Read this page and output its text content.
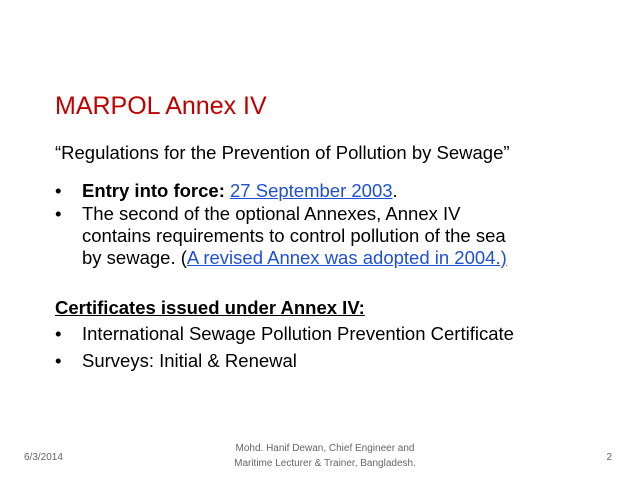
MARPOL Annex IV
“Regulations for the Prevention of Pollution by Sewage”
• Entry into force: 27 September 2003.
• The second of the optional Annexes, Annex IV
contains requirements to control pollution of the sea
by sewage. (A revised Annex was adopted in 2004.)
Certificates issued under Annex IV:
• International Sewage Pollution Prevention Certificate
• Surveys: Initial & Renewal
6/3/2014
Mohd. Hanif Dewan, Chief Engineer and
Maritime Lecturer & Trainer, Bangladesh.
2
